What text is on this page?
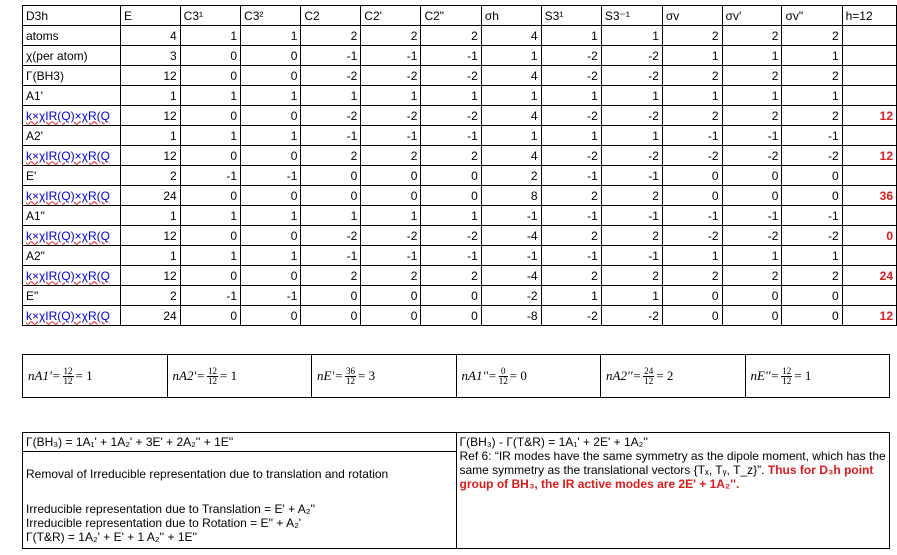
D3h	E	C3¹	C3²	C2	C2'	C2"	σh	S3¹	S3⁻¹	σv	σv'	σv"	h=12
atoms	4	1	1	2	2	2	4	1	1	2	2	2	
χ(per atom)	3	0	0	-1	-1	-1	1	-2	-2	1	1	1	
Γ(BH3)	12	0	0	-2	-2	-2	4	-2	-2	2	2	2	
A1'	1	1	1	1	1	1	1	1	1	1	1	1	
k×χIR(Q)×χR(Q	12	0	0	-2	-2	-2	4	-2	-2	2	2	2	12
A2'	1	1	1	-1	-1	-1	1	1	1	-1	-1	-1	
k×χIR(Q)×χR(Q	12	0	0	2	2	2	4	-2	-2	-2	-2	-2	12
E'	2	-1	-1	0	0	0	2	-1	-1	0	0	0	
k×χIR(Q)×χR(Q	24	0	0	0	0	0	8	2	2	0	0	0	36
A1"	1	1	1	1	1	1	-1	-1	-1	-1	-1	-1	
k×χIR(Q)×χR(Q	12	0	0	-2	-2	-2	-4	2	2	-2	-2	-2	0
A2"	1	1	1	-1	-1	-1	-1	-1	-1	1	1	1	
k×χIR(Q)×χR(Q	12	0	0	2	2	2	-4	2	2	2	2	2	24
E"	2	-1	-1	0	0	0	-2	1	1	0	0	0	
k×χIR(Q)×χR(Q	24	0	0	0	0	0	-8	-2	-2	0	0	0	12
$nA1' = \frac{12}{12} = 1$	$nA2' = \frac{12}{12} = 1$	$nE' = \frac{36}{12} = 3$	$nA1'' = \frac{0}{12} = 0$	$nA2'' = \frac{24}{12} = 2$	$nE'' = \frac{12}{12} = 1$

Γ(BH₃) = 1A₁' + 1A₂' + 3E' + 2A₂'' + 1E''

Removal of Irreducible representation due to translation and rotation

Irreducible representation due to Translation = E' + A₂''

Irreducible representation due to Rotation = E'' + A₂'

Γ(T&R) = 1A₂' + E' + 1 A₂'' + 1E''

Γ(BH₃) - Γ(T&R) = 1A₁' + 2E' + 1A₂''

Ref 6: “IR modes have the same symmetry as the dipole moment, which has the same symmetry as the translational vectors {Tₓ, Tᵧ, T_z}”. Thus for D₃h point group of BH₃, the IR active modes are 2E' + 1A₂''.
